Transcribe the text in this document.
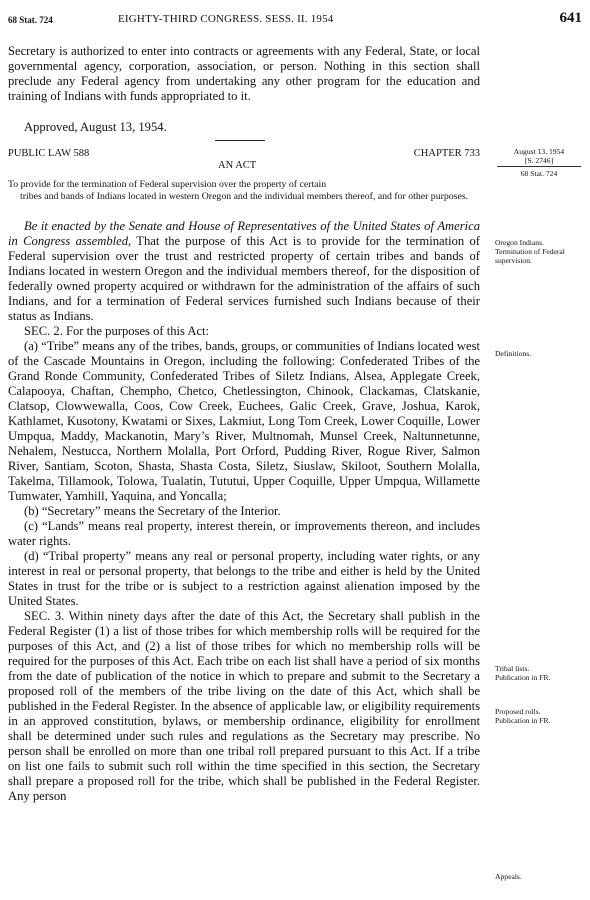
68 Stat. 724	EIGHTY-THIRD CONGRESS. SESS. II. 1954	641

Secretary is authorized to enter into contracts or agreements with any Federal, State, or local governmental agency, corporation, association, or person. Nothing in this section shall preclude any Federal agency from undertaking any other program for the education and training of Indians with funds appropriated to it.

Approved, August 13, 1954.
PUBLIC LAW 588	CHAPTER 733
AN ACT
To provide for the termination of Federal supervision over the property of certain
tribes and bands of Indians located in western Oregon and the individual members thereof, and for other purposes.

Be it enacted by the Senate and House of Representatives of the United States of America in Congress assembled, That the purpose of this Act is to provide for the termination of Federal supervision over the trust and restricted property of certain tribes and bands of Indians located in western Oregon and the individual members thereof, for the disposition of federally owned property acquired or withdrawn for the administration of the affairs of such Indians, and for a termination of Federal services furnished such Indians because of their status as Indians.

SEC. 2. For the purposes of this Act:

(a) “Tribe” means any of the tribes, bands, groups, or communities of Indians located west of the Cascade Mountains in Oregon, including the following: Confederated Tribes of the Grand Ronde Community, Confederated Tribes of Siletz Indians, Alsea, Applegate Creek, Calapooya, Chaftan, Chempho, Chetco, Chetlessington, Chinook, Clackamas, Clatskanie, Clatsop, Clowwewalla, Coos, Cow Creek, Euchees, Galic Creek, Grave, Joshua, Karok, Kathlamet, Kusotony, Kwatami or Sixes, Lakmiut, Long Tom Creek, Lower Coquille, Lower Umpqua, Maddy, Mackanotin, Mary’s River, Multnomah, Munsel Creek, Naltunnetunne, Nehalem, Nestucca, Northern Molalla, Port Orford, Pudding River, Rogue River, Salmon River, Santiam, Scoton, Shasta, Shasta Costa, Siletz, Siuslaw, Skiloot, Southern Molalla, Takelma, Tillamook, Tolowa, Tualatin, Tututui, Upper Coquille, Upper Umpqua, Willamette Tumwater, Yamhill, Yaquina, and Yoncalla;

(b) “Secretary” means the Secretary of the Interior.

(c) “Lands” means real property, interest therein, or improvements thereon, and includes water rights.

(d) “Tribal property” means any real or personal property, including water rights, or any interest in real or personal property, that belongs to the tribe and either is held by the United States in trust for the tribe or is subject to a restriction against alienation imposed by the United States.

SEC. 3. Within ninety days after the date of this Act, the Secretary shall publish in the Federal Register (1) a list of those tribes for which membership rolls will be required for the purposes of this Act, and (2) a list of those tribes for which no membership rolls will be required for the purposes of this Act. Each tribe on each list shall have a period of six months from the date of publication of the notice in which to prepare and submit to the Secretary a proposed roll of the members of the tribe living on the date of this Act, which shall be published in the Federal Register. In the absence of applicable law, or eligibility requirements in an approved constitution, bylaws, or membership ordinance, eligibility for enrollment shall be determined under such rules and regulations as the Secretary may prescribe. No person shall be enrolled on more than one tribal roll prepared pursuant to this Act. If a tribe on list one fails to submit such roll within the time specified in this section, the Secretary shall prepare a proposed roll for the tribe, which shall be published in the Federal Register. Any person

August 13, 1954
[S. 2746]
68 Stat. 724
Oregon Indians.
Termination of Federal supervision.
Definitions.
Tribal lists.
Publication in FR.
Proposed rolls.
Publication in FR.
Appeals.
